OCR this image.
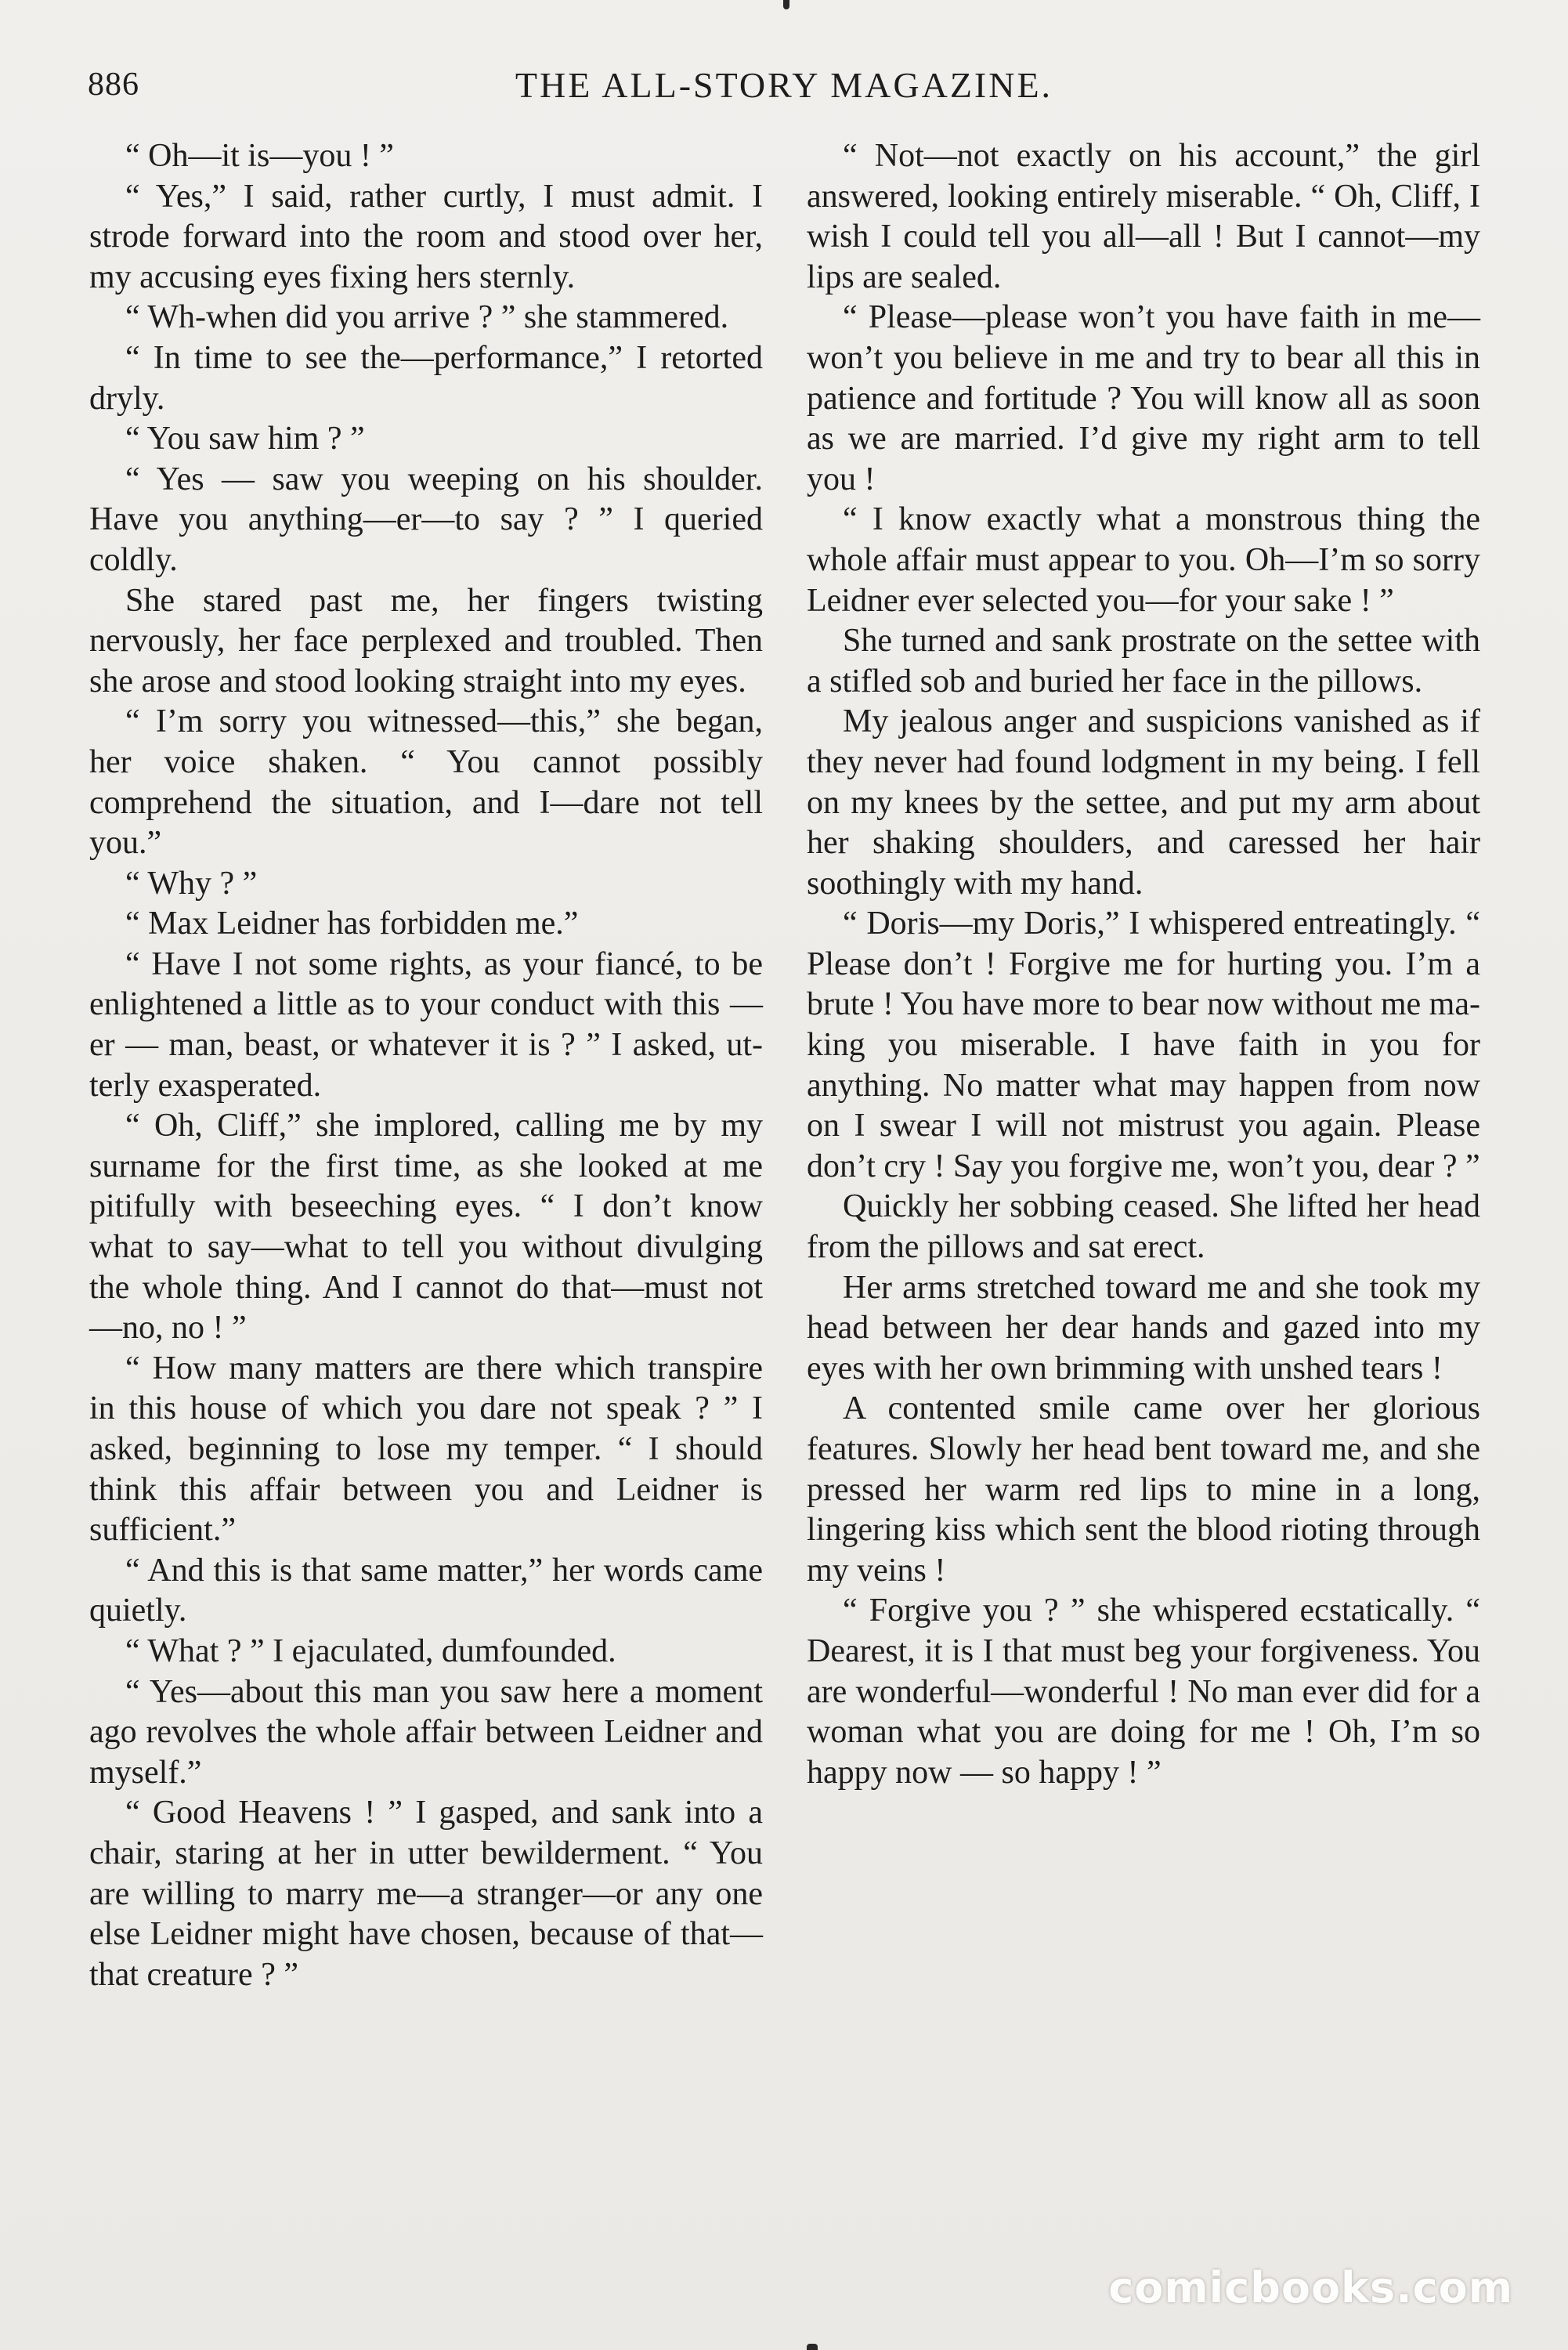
886	THE ALL-STORY MAGAZINE.

“ Oh—it is—you ! ”

“ Yes,” I said, rather curtly, I must admit. I strode forward into the room and stood over her, my accusing eyes fixing hers sternly.

“ Wh-when did you arrive ? ” she stammered.

“ In time to see the—performance,” I retorted dryly.

“ You saw him ? ”

“ Yes — saw you weeping on his shoulder. Have you anything—er—to say ? ” I queried coldly.

She stared past me, her fingers twisting nervously, her face perplexed and troubled. Then she arose and stood looking straight into my eyes.

“ I’m sorry you witnessed—this,” she began, her voice shaken. “ You cannot possibly comprehend the situation, and I—dare not tell you.”

“ Why ? ”

“ Max Leidner has forbidden me.”

“ Have I not some rights, as your fiancé, to be enlightened a little as to your conduct with this — er — man, beast, or whatever it is ? ” I asked, utterly exasperated.

“ Oh, Cliff,” she implored, calling me by my surname for the first time, as she looked at me pitifully with beseeching eyes. “ I don’t know what to say—what to tell you without divulging the whole thing. And I cannot do that—must not —no, no ! ”

“ How many matters are there which transpire in this house of which you dare not speak ? ” I asked, beginning to lose my temper. “ I should think this affair between you and Leidner is sufficient.”

“ And this is that same matter,” her words came quietly.

“ What ? ” I ejaculated, dumfounded.

“ Yes—about this man you saw here a moment ago revolves the whole affair between Leidner and myself.”

“ Good Heavens ! ” I gasped, and sank into a chair, staring at her in utter bewilderment. “ You are willing to marry me—a stranger—or any one else Leidner might have chosen, because of that—that creature ? ”

“ Not—not exactly on his account,” the girl answered, looking entirely miserable. “ Oh, Cliff, I wish I could tell you all—all ! But I cannot—my lips are sealed.

“ Please—please won’t you have faith in me—won’t you believe in me and try to bear all this in patience and fortitude ? You will know all as soon as we are married. I’d give my right arm to tell you !

“ I know exactly what a monstrous thing the whole affair must appear to you. Oh—I’m so sorry Leidner ever selected you—for your sake ! ”

She turned and sank prostrate on the settee with a stifled sob and buried her face in the pillows.

My jealous anger and suspicions vanished as if they never had found lodgment in my being. I fell on my knees by the settee, and put my arm about her shaking shoulders, and caressed her hair soothingly with my hand.

“ Doris—my Doris,” I whispered entreatingly. “ Please don’t ! Forgive me for hurting you. I’m a brute ! You have more to bear now without me making you miserable. I have faith in you for anything. No matter what may happen from now on I swear I will not mistrust you again. Please don’t cry ! Say you forgive me, won’t you, dear ? ”

Quickly her sobbing ceased. She lifted her head from the pillows and sat erect.

Her arms stretched toward me and she took my head between her dear hands and gazed into my eyes with her own brimming with unshed tears !

A contented smile came over her glorious features. Slowly her head bent toward me, and she pressed her warm red lips to mine in a long, lingering kiss which sent the blood rioting through my veins !

“ Forgive you ? ” she whispered ecstatically. “ Dearest, it is I that must beg your forgiveness. You are wonderful—wonderful ! No man ever did for a woman what you are doing for me ! Oh, I’m so happy now — so happy ! ”

comicbooks.com
